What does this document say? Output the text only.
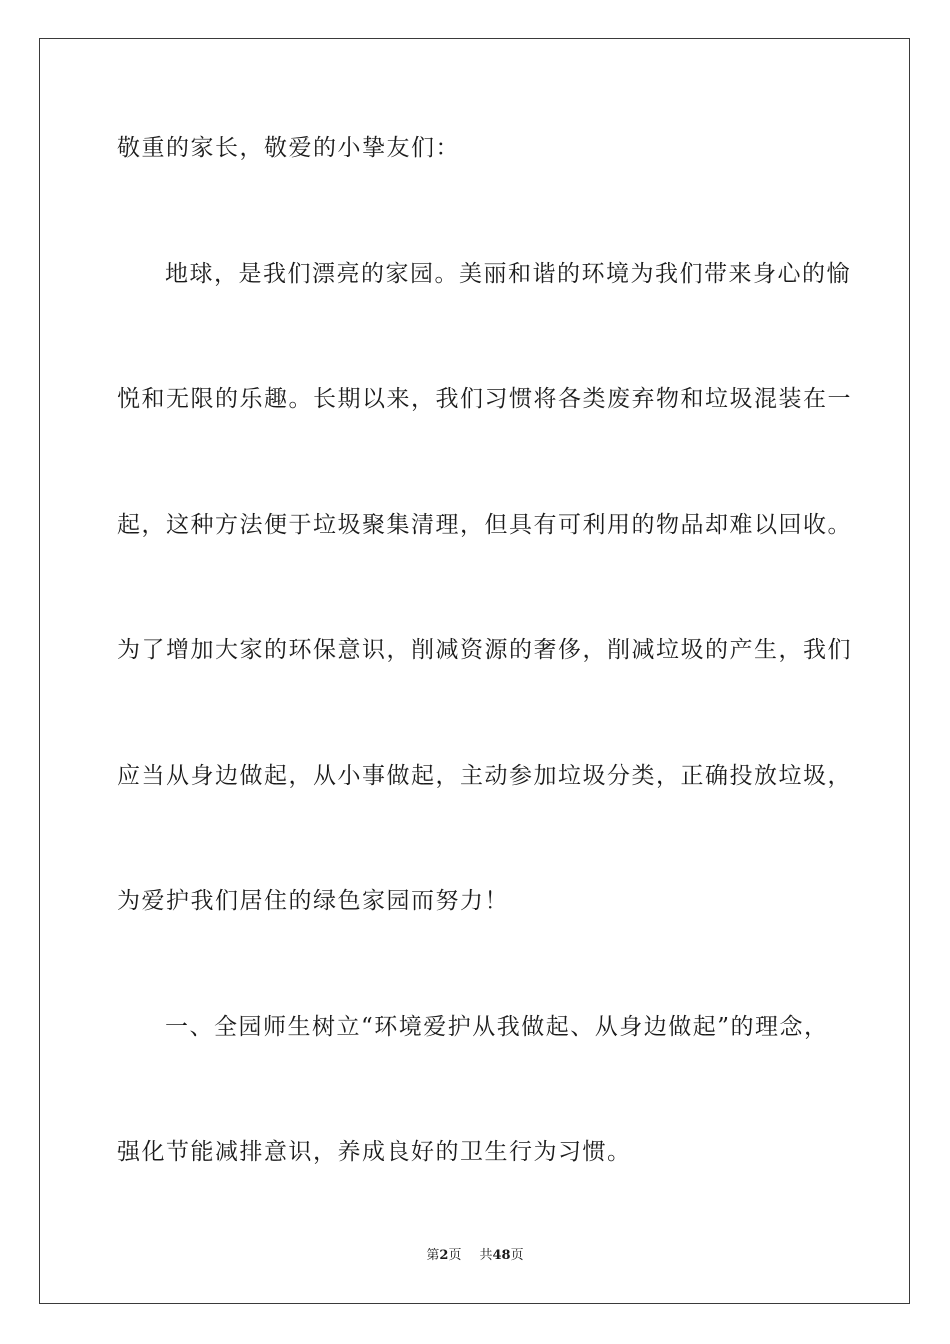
敬重的家长，敬爱的小挚友们：
地球，是我们漂亮的家园。美丽和谐的环境为我们带来身心的愉
悦和无限的乐趣。长期以来，我们习惯将各类废弃物和垃圾混装在一
起，这种方法便于垃圾聚集清理，但具有可利用的物品却难以回收。
为了增加大家的环保意识，削减资源的奢侈，削减垃圾的产生，我们
应当从身边做起，从小事做起，主动参加垃圾分类，正确投放垃圾，
为爱护我们居住的绿色家园而努力！
一、全园师生树立“环境爱护从我做起、从身边做起”的理念，
强化节能减排意识，养成良好的卫生行为习惯。
第2页 共48页
